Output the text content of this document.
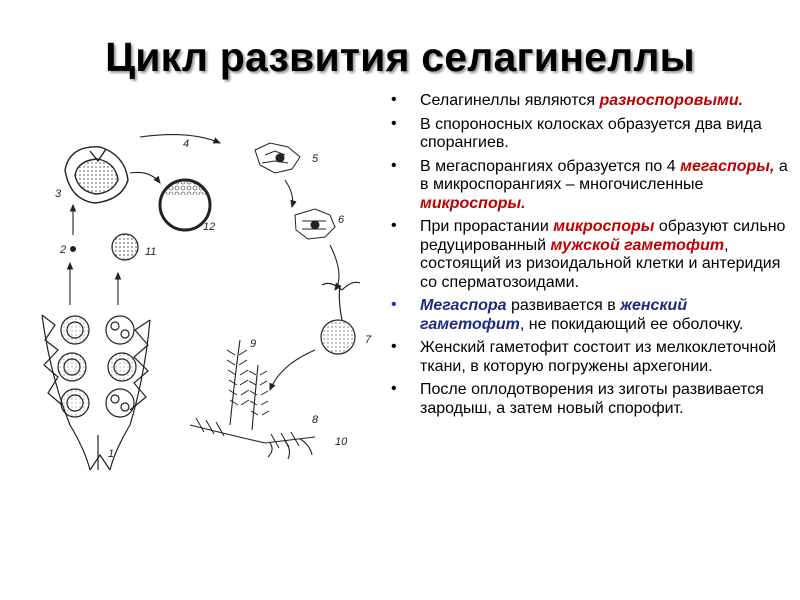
Цикл развития селагинеллы
1
2
3
4
5
6
7
8
9
10
11
12
• Селагинеллы являются разноспоровыми.
• В спороносных колосках образуется два вида спорангиев.
• В мегаспорангиях образуется по 4 мегаспоры, а в микроспорангиях – многочисленные микроспоры.
• При прорастании микроспоры образуют сильно редуцированный мужской гаметофит, состоящий из ризоидальной клетки и антеридия со сперматозоидами.
• Мегаспора развивается в женский гаметофит, не покидающий ее оболочку.
• Женский гаметофит состоит из мелкоклеточной ткани, в которую погружены архегонии.
• После оплодотворения из зиготы развивается зародыш, а затем новый спорофит.
